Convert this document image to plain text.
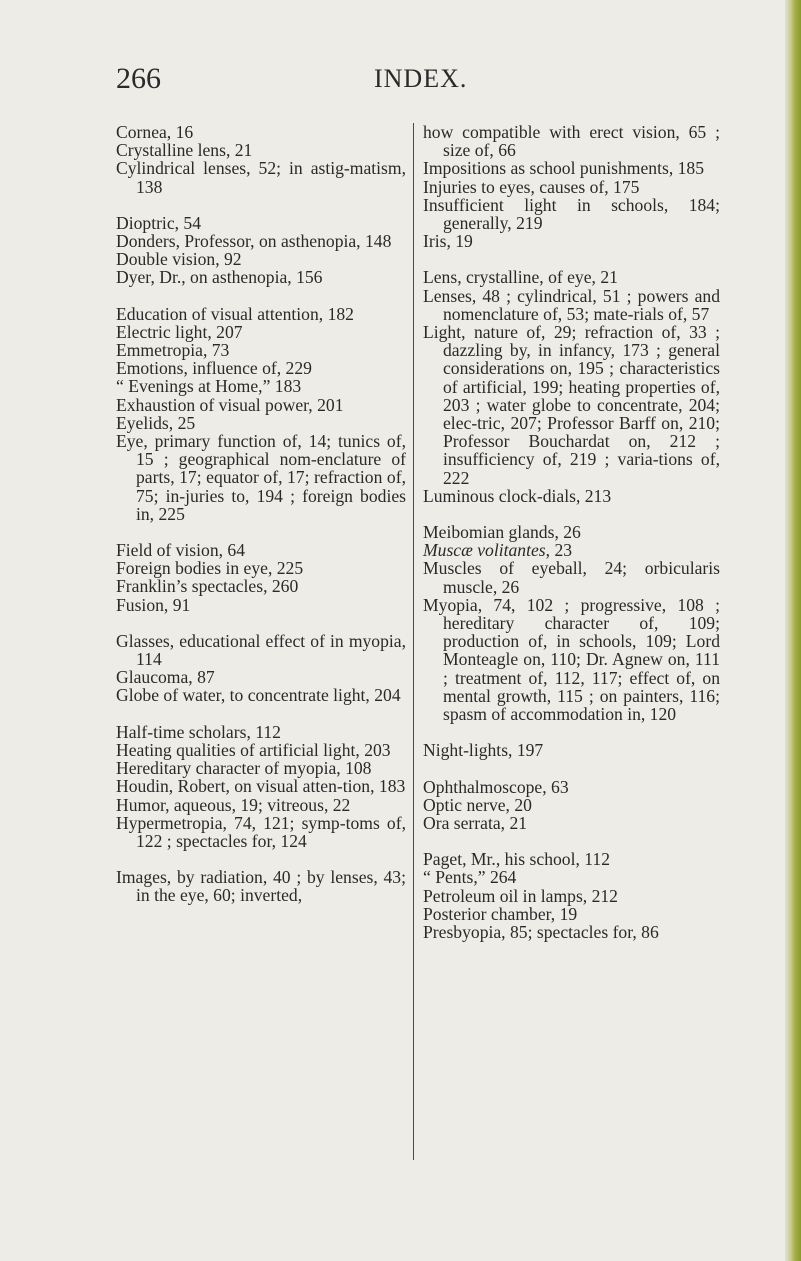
266	INDEX.

Cornea, 16

Crystalline lens, 21

Cylindrical lenses, 52; in astig-matism, 138

Dioptric, 54

Donders, Professor, on asthenopia, 148

Double vision, 92

Dyer, Dr., on asthenopia, 156

Education of visual attention, 182

Electric light, 207

Emmetropia, 73

Emotions, influence of, 229

“ Evenings at Home,” 183

Exhaustion of visual power, 201

Eyelids, 25

Eye, primary function of, 14; tunics of, 15 ; geographical nom-enclature of parts, 17; equator of, 17; refraction of, 75; in-juries to, 194 ; foreign bodies in, 225

Field of vision, 64

Foreign bodies in eye, 225

Franklin’s spectacles, 260

Fusion, 91

Glasses, educational effect of in myopia, 114

Glaucoma, 87

Globe of water, to concentrate light, 204

Half-time scholars, 112

Heating qualities of artificial light, 203

Hereditary character of myopia, 108

Houdin, Robert, on visual atten-tion, 183

Humor, aqueous, 19; vitreous, 22

Hypermetropia, 74, 121; symp-toms of, 122 ; spectacles for, 124

Images, by radiation, 40 ; by lenses, 43; in the eye, 60; inverted,

how compatible with erect vision, 65 ; size of, 66

Impositions as school punishments, 185

Injuries to eyes, causes of, 175

Insufficient light in schools, 184; generally, 219

Iris, 19

Lens, crystalline, of eye, 21

Lenses, 48 ; cylindrical, 51 ; powers and nomenclature of, 53; mate-rials of, 57

Light, nature of, 29; refraction of, 33 ; dazzling by, in infancy, 173 ; general considerations on, 195 ; characteristics of artificial, 199; heating properties of, 203 ; water globe to concentrate, 204; elec-tric, 207; Professor Barff on, 210; Professor Bouchardat on, 212 ; insufficiency of, 219 ; varia-tions of, 222

Luminous clock-dials, 213

Meibomian glands, 26

Muscæ volitantes, 23

Muscles of eyeball, 24; orbicularis muscle, 26

Myopia, 74, 102 ; progressive, 108 ; hereditary character of, 109; production of, in schools, 109; Lord Monteagle on, 110; Dr. Agnew on, 111 ; treatment of, 112, 117; effect of, on mental growth, 115 ; on painters, 116; spasm of accommodation in, 120

Night-lights, 197

Ophthalmoscope, 63

Optic nerve, 20

Ora serrata, 21

Paget, Mr., his school, 112

“ Pents,” 264

Petroleum oil in lamps, 212

Posterior chamber, 19

Presbyopia, 85; spectacles for, 86
